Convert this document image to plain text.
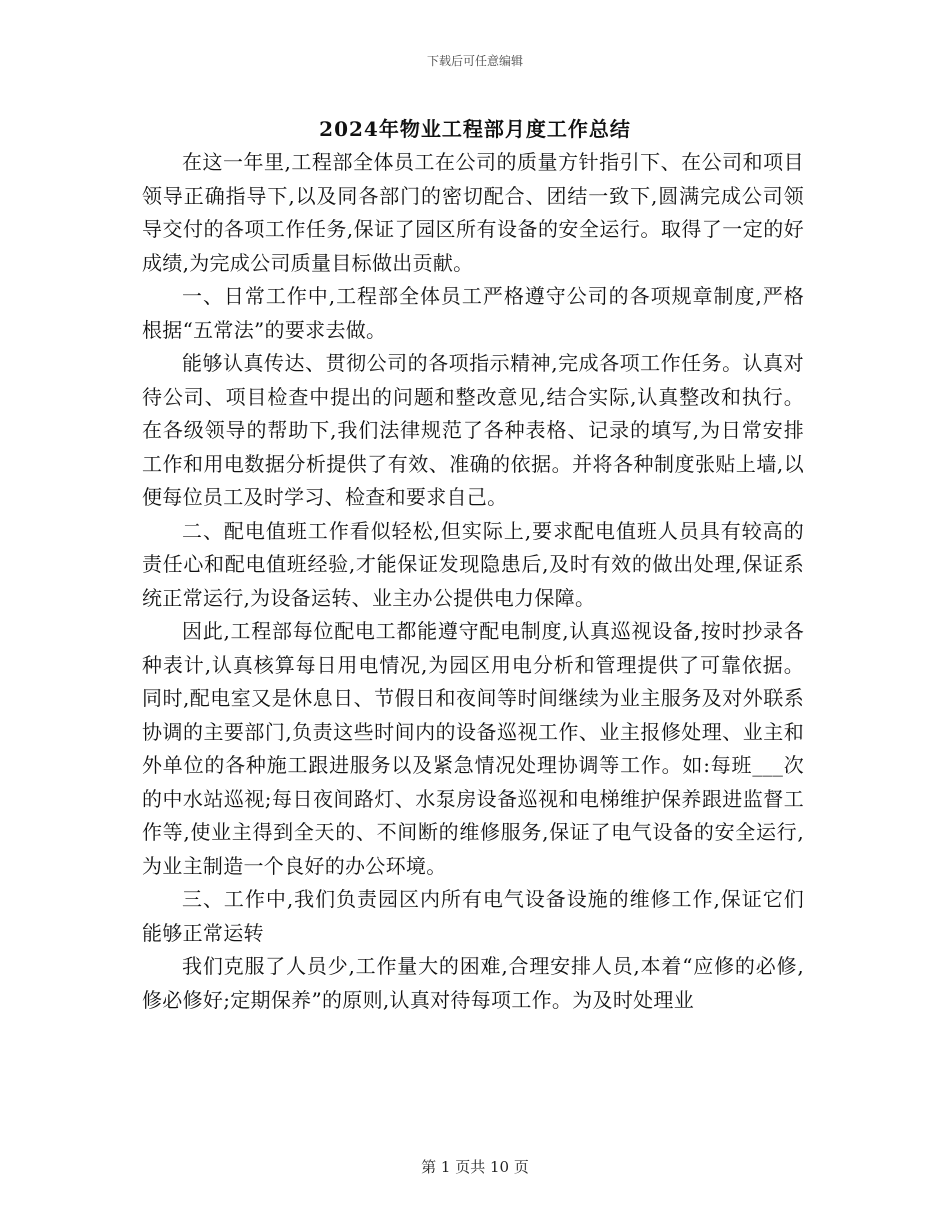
下载后可任意编辑
2024年物业工程部月度工作总结

在这一年里,工程部全体员工在公司的质量方针指引下、在公司和项目领导正确指导下,以及同各部门的密切配合、团结一致下,圆满完成公司领导交付的各项工作任务,保证了园区所有设备的安全运行。取得了一定的好成绩,为完成公司质量目标做出贡献。

一、日常工作中,工程部全体员工严格遵守公司的各项规章制度,严格根据“五常法”的要求去做。

能够认真传达、贯彻公司的各项指示精神,完成各项工作任务。认真对待公司、项目检查中提出的问题和整改意见,结合实际,认真整改和执行。在各级领导的帮助下,我们法律规范了各种表格、记录的填写,为日常安排工作和用电数据分析提供了有效、准确的依据。并将各种制度张贴上墙,以便每位员工及时学习、检查和要求自己。

二、配电值班工作看似轻松,但实际上,要求配电值班人员具有较高的责任心和配电值班经验,才能保证发现隐患后,及时有效的做出处理,保证系统正常运行,为设备运转、业主办公提供电力保障。

因此,工程部每位配电工都能遵守配电制度,认真巡视设备,按时抄录各种表计,认真核算每日用电情况,为园区用电分析和管理提供了可靠依据。同时,配电室又是休息日、节假日和夜间等时间继续为业主服务及对外联系协调的主要部门,负责这些时间内的设备巡视工作、业主报修处理、业主和外单位的各种施工跟进服务以及紧急情况处理协调等工作。如:每班___次的中水站巡视;每日夜间路灯、水泵房设备巡视和电梯维护保养跟进监督工作等,使业主得到全天的、不间断的维修服务,保证了电气设备的安全运行,为业主制造一个良好的办公环境。

三、工作中,我们负责园区内所有电气设备设施的维修工作,保证它们能够正常运转

我们克服了人员少,工作量大的困难,合理安排人员,本着“应修的必修,修必修好;定期保养”的原则,认真对待每项工作。为及时处理业

第 1 页共 10 页
